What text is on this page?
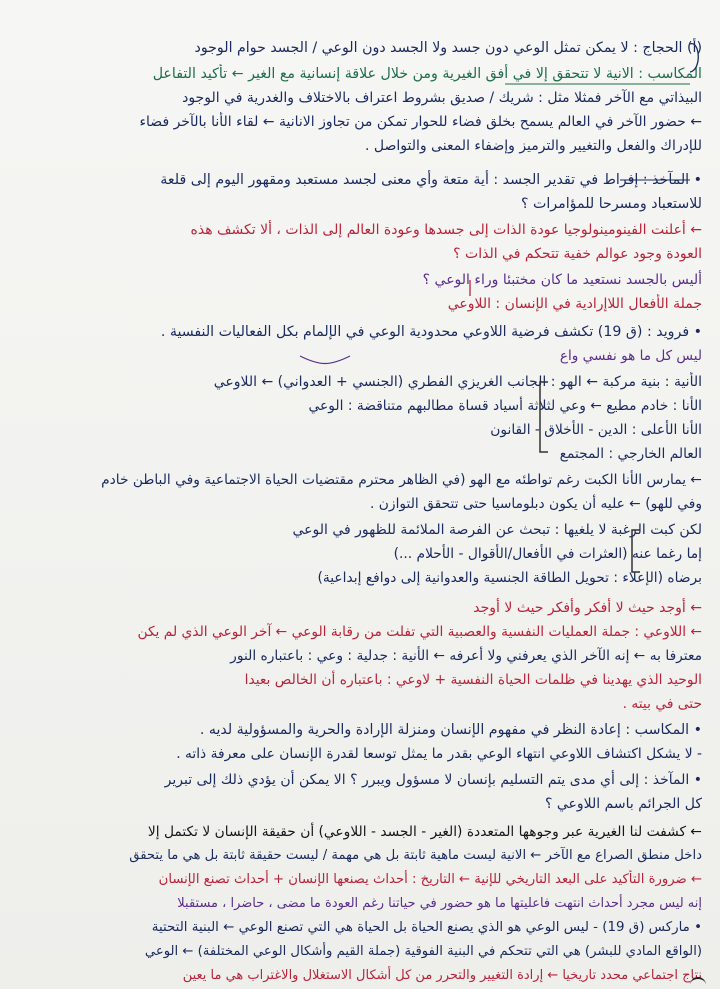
(أ) الحجاج : لا يمكن تمثل الوعي دون جسد ولا الجسد دون الوعي / الجسد حوام الوجود
المكاسب : الانية لا تتحقق إلا في أفق الغيرية ومن خلال علاقة إنسانية مع الغير ← تأكيد التفاعل
البيذاتي مع الآخر فمثلا مثل : شريك / صديق بشروط اعتراف بالاختلاف والغدرية في الوجود
← حضور الآخر في العالم يسمح بخلق فضاء للحوار تمكن من تجاوز الانانية ← لقاء الأنا بالآخر فضاء
للإدراك والفعل والتغيير والترميز وإضفاء المعنى والتواصل .
• المآخذ : إفراط في تقدير الجسد : أية متعة وأي معنى لجسد مستعبد ومقهور اليوم إلى قلعة
للاستعباد ومسرحا للمؤامرات ؟
← أعلنت الفينومينولوجيا عودة الذات إلى جسدها وعودة العالم إلى الذات ، ألا تكشف هذه
العودة وجود عوالم خفية تتحكم في الذات ؟
أليس بالجسد نستعيد ما كان مختبئا وراء الوعي ؟
جملة الأفعال اللاإرادية في الإنسان : اللاوعي
• فرويد : (ق 19) تكشف فرضية اللاوعي محدودية الوعي في الإلمام بكل الفعاليات النفسية .
ليس كل ما هو نفسي واع
الأنية : بنية مركبة ← الهو : الجانب الغريزي الفطري (الجنسي + العدواني) ← اللاوعي
الأنا : خادم مطيع ← وعي لثلاثة أسياد قساة مطالبهم متناقضة : الوعي
الأنا الأعلى : الدين - الأخلاق - القانون
العالم الخارجي : المجتمع
← يمارس الأنا الكبت رغم تواطئه مع الهو (في الظاهر محترم مقتضيات الحياة الاجتماعية وفي الباطن خادم
وفي للهو) ← عليه أن يكون دبلوماسيا حتى تتحقق التوازن .
لكن كبت الرغبة لا يلغيها : تبحث عن الفرصة الملائمة للظهور في الوعي
إما رغما عنه (العثرات في الأفعال/الأقوال - الأحلام ...)
برضاه (الإعلاء : تحويل الطاقة الجنسية والعدوانية إلى دوافع إبداعية)
← أوجد حيث لا أفكر وأفكر حيث لا أوجد
← اللاوعي : جملة العمليات النفسية والعصبية التي تفلت من رقابة الوعي ← آخر الوعي الذي لم يكن
معترفا به ← إنه الآخر الذي يعرفني ولا أعرفه ← الأنية : جدلية : وعي : باعتباره النور
الوحيد الذي يهدينا في ظلمات الحياة النفسية + لاوعي : باعتباره أن الخالص بعيدا
حتى في بيته .
• المكاسب : إعادة النظر في مفهوم الإنسان ومنزلة الإرادة والحرية والمسؤولية لديه .
- لا يشكل اكتشاف اللاوعي انتهاء الوعي بقدر ما يمثل توسعا لقدرة الإنسان على معرفة ذاته .
• المآخذ : إلى أي مدى يتم التسليم بإنسان لا مسؤول ويبرر ؟ الا يمكن أن يؤدي ذلك إلى تبرير
كل الجرائم باسم اللاوعي ؟
← كشفت لنا الغيرية عبر وجوهها المتعددة (الغير - الجسد - اللاوعي) أن حقيقة الإنسان لا تكتمل إلا
داخل منطق الصراع مع الآخر ← الانية ليست ماهية ثابتة بل هي مهمة / ليست حقيقة ثابتة بل هي ما يتحقق
← ضرورة التأكيد على البعد التاريخي للإنية ← التاريخ : أحداث يصنعها الإنسان + أحداث تصنع الإنسان
إنه ليس مجرد أحداث انتهت فاعليتها ما هو حضور في حياتنا رغم العودة ما مضى ، حاضرا ، مستقبلا
• ماركس (ق 19) - ليس الوعي هو الذي يصنع الحياة بل الحياة هي التي تصنع الوعي ← البنية التحتية
(الواقع المادي للبشر) هي التي تتحكم في البنية الفوقية (جملة القيم وأشكال الوعي المختلفة) ← الوعي
نتاج اجتماعي محدد تاريخيا ← إرادة التغيير والتحرر من كل أشكال الاستغلال والاغتراب هي ما يعين
